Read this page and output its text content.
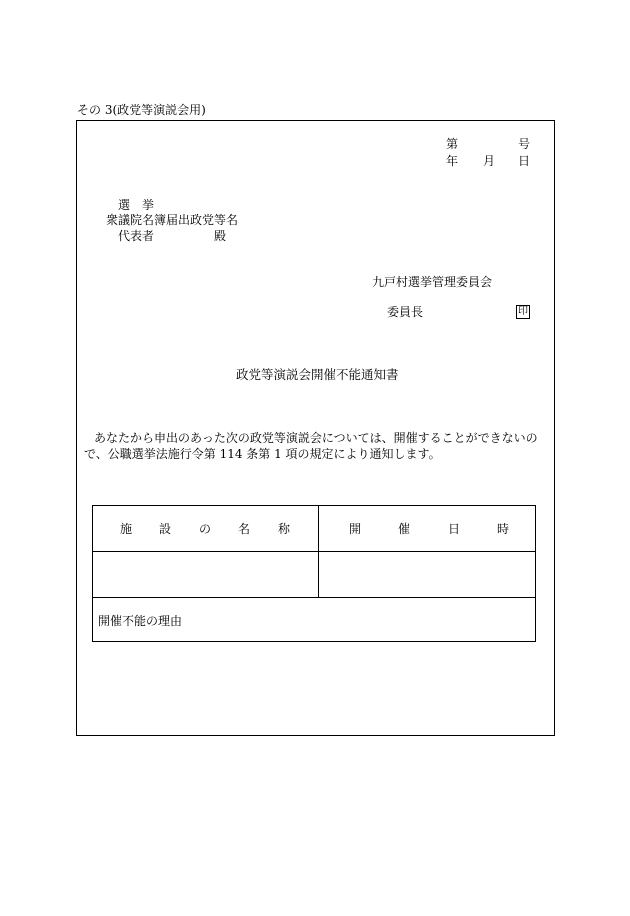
その 3(政党等演説会用)
第	号
年 月 日
選　挙
衆議院名簿届出政党等名
代表者	殿
九戸村選挙管理委員会
委員長	印
政党等演説会開催不能通知書
あなたから申出のあった次の政党等演説会については、開催することができないの
で、公職選挙法施行令第 114 条第 1 項の規定により通知します。
施 設 の 名 称	開	催	日	時
開催不能の理由
